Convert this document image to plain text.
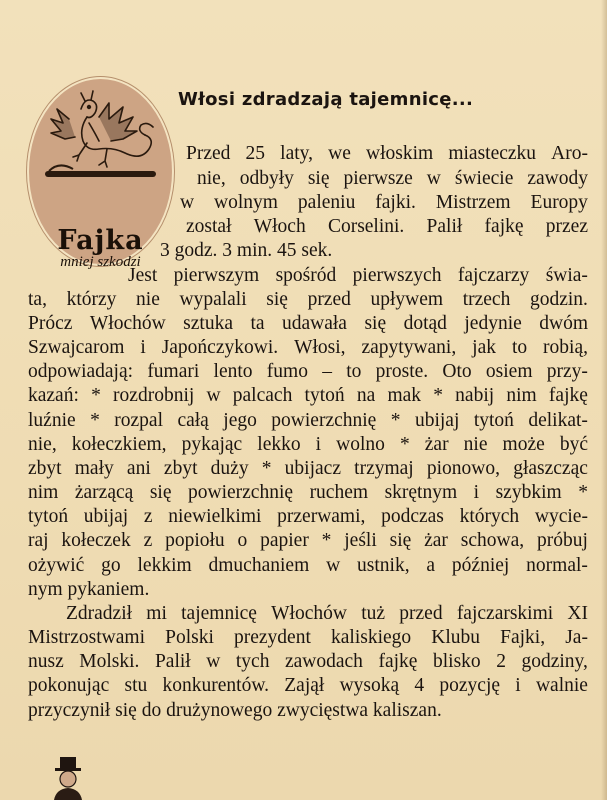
Fajka
mniej szkodzi
Włosi zdradzają tajemnicę...
Przed 25 laty, we włoskim miasteczku Aro-
nie, odbyły się pierwsze w świecie zawody
w wolnym paleniu fajki. Mistrzem Europy
został Włoch Corselini. Palił fajkę przez
3 godz. 3 min. 45 sek.
Jest pierwszym spośród pierwszych fajczarzy świa-
ta, którzy nie wypalali się przed upływem trzech godzin.
Prócz Włochów sztuka ta udawała się dotąd jedynie dwóm
Szwajcarom i Japończykowi. Włosi, zapytywani, jak to robią,
odpowiadają: fumari lento fumo – to proste. Oto osiem przy-
kazań: * rozdrobnij w palcach tytoń na mak * nabij nim fajkę
luźnie * rozpal całą jego powierzchnię * ubijaj tytoń delikat-
nie, kołeczkiem, pykając lekko i wolno * żar nie może być
zbyt mały ani zbyt duży * ubijacz trzymaj pionowo, głaszcząc
nim żarzącą się powierzchnię ruchem skrętnym i szybkim *
tytoń ubijaj z niewielkimi przerwami, podczas których wycie-
raj kołeczek z popiołu o papier * jeśli się żar schowa, próbuj
ożywić go lekkim dmuchaniem w ustnik, a później normal-
nym pykaniem.
Zdradził mi tajemnicę Włochów tuż przed fajczarskimi XI
Mistrzostwami Polski prezydent kaliskiego Klubu Fajki, Ja-
nusz Molski. Palił w tych zawodach fajkę blisko 2 godziny,
pokonując stu konkurentów. Zajął wysoką 4 pozycję i walnie
przyczynił się do drużynowego zwycięstwa kaliszan.
